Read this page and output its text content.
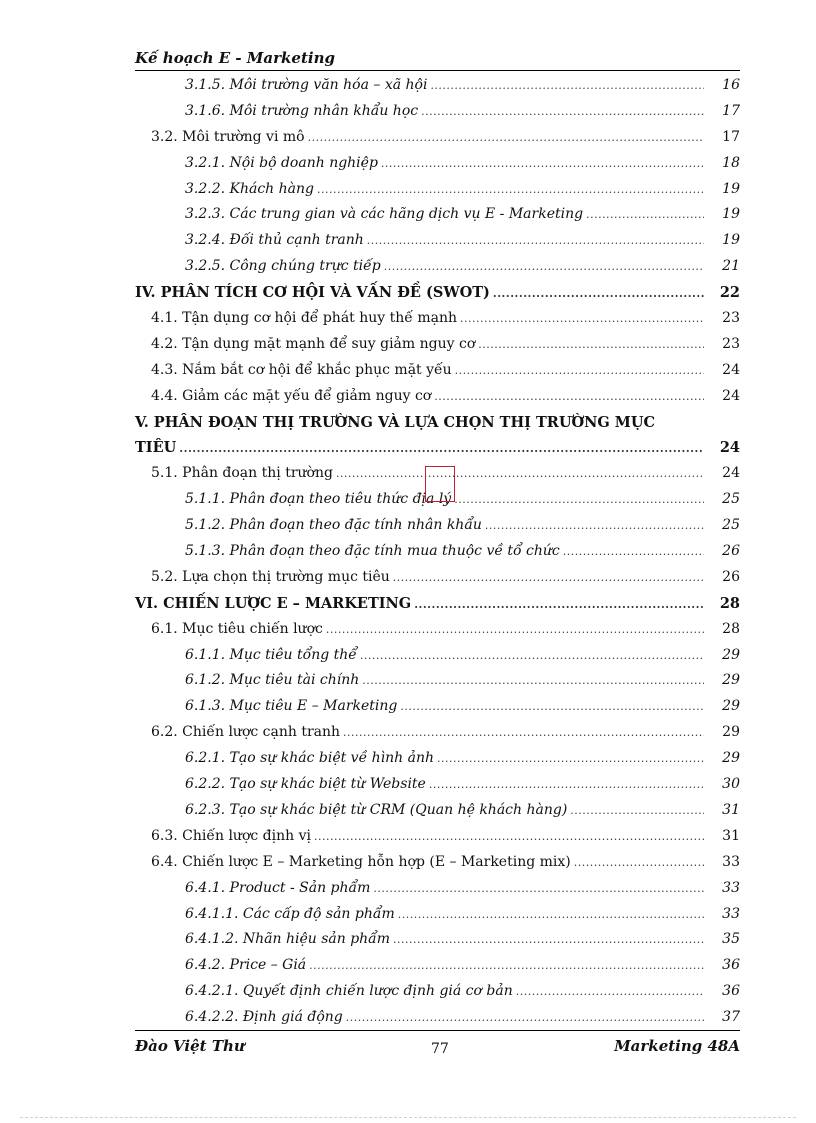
Kế hoạch E - Marketing
3.1.5. Môi trường văn hóa – xã hội .....	16
3.1.6. Môi trường nhân khẩu học .....	17
3.2. Môi trường vi mô .....	17
3.2.1. Nội bộ doanh nghiệp .....	18
3.2.2. Khách hàng .....	19
3.2.3. Các trung gian và các hãng dịch vụ E - Marketing .....	19
3.2.4. Đối thủ cạnh tranh .....	19
3.2.5. Công chúng trực tiếp .....	21
IV. PHÂN TÍCH CƠ HỘI VÀ VẤN ĐỀ (SWOT) .....	22
4.1. Tận dụng cơ hội để phát huy thế mạnh .....	23
4.2. Tận dụng mặt mạnh để suy giảm nguy cơ .....	23
4.3. Nắm bắt cơ hội để khắc phục mặt yếu .....	24
4.4. Giảm các mặt yếu để giảm nguy cơ .....	24
V. PHÂN ĐOẠN THỊ TRƯỜNG VÀ LỰA CHỌN THỊ TRƯỜNG MỤC
TIÊU .....	24
5.1. Phân đoạn thị trường .....	24
5.1.1. Phân đoạn theo tiêu thức địa lý .....	25
5.1.2. Phân đoạn theo đặc tính nhân khẩu .....	25
5.1.3. Phân đoạn theo đặc tính mua thuộc về tổ chức .....	26
5.2. Lựa chọn thị trường mục tiêu .....	26
VI. CHIẾN LƯỢC E – MARKETING .....	28
6.1. Mục tiêu chiến lược .....	28
6.1.1. Mục tiêu tổng thể .....	29
6.1.2. Mục tiêu tài chính .....	29
6.1.3. Mục tiêu E – Marketing .....	29
6.2. Chiến lược cạnh tranh .....	29
6.2.1. Tạo sự khác biệt về hình ảnh .....	29
6.2.2. Tạo sự khác biệt từ Website .....	30
6.2.3. Tạo sự khác biệt từ CRM (Quan hệ khách hàng) .....	31
6.3. Chiến lược định vị .....	31
6.4. Chiến lược E – Marketing hỗn hợp (E – Marketing mix) .....	33
6.4.1. Product - Sản phẩm .....	33
6.4.1.1. Các cấp độ sản phẩm .....	33
6.4.1.2. Nhãn hiệu sản phẩm .....	35
6.4.2. Price – Giá .....	36
6.4.2.1. Quyết định chiến lược định giá cơ bản .....	36
6.4.2.2. Định giá động .....	37
Đào Việt Thư	77	Marketing 48A
